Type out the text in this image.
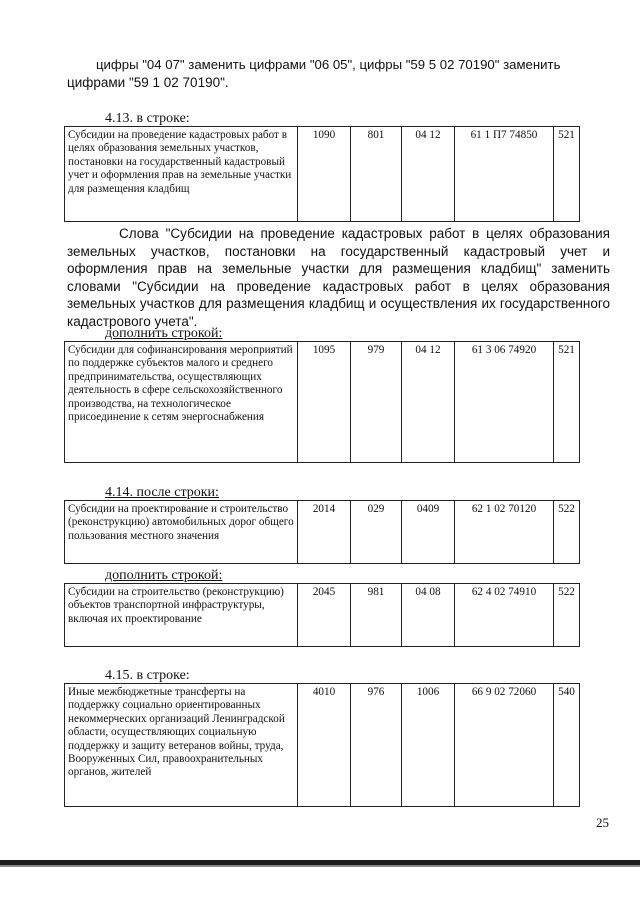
цифры "04 07" заменить цифрами "06 05", цифры "59 5 02 70190" заменить
цифрами "59 1 02 70190".
4.13. в строке:
Субсидии на проведение кадастровых работ в целях образования земельных участков, постановки на государственный кадастровый учет и оформления прав на земельные участки для размещения кладбищ	1090	801	04 12	61 1 П7 74850	521
Слова "Субсидии на проведение кадастровых работ в целях образования земельных участков, постановки на государственный кадастровый учет и оформления прав на земельные участки для размещения кладбищ" заменить словами "Субсидии на проведение кадастровых работ в целях образования земельных участков для размещения кладбищ и осуществления их государственного кадастрового учета".
дополнить строкой:
Субсидии для софинансирования мероприятий по поддержке субъектов малого и среднего предпринимательства, осуществляющих деятельность в сфере сельскохозяйственного производства, на технологическое присоединение к сетям энергоснабжения	1095	979	04 12	61 3 06 74920	521
4.14. после строки:
Субсидии на проектирование и строительство (реконструкцию) автомобильных дорог общего пользования местного значения	2014	029	0409	62 1 02 70120	522
дополнить строкой:
Субсидии на строительство (реконструкцию) объектов транспортной инфраструктуры, включая их проектирование	2045	981	04 08	62 4 02 74910	522
4.15. в строке:
Иные межбюджетные трансферты на поддержку социально ориентированных некоммерческих организаций Ленинградской области, осуществляющих социальную поддержку и защиту ветеранов войны, труда, Вооруженных Сил, правоохранительных органов, жителей	4010	976	1006	66 9 02 72060	540
25
